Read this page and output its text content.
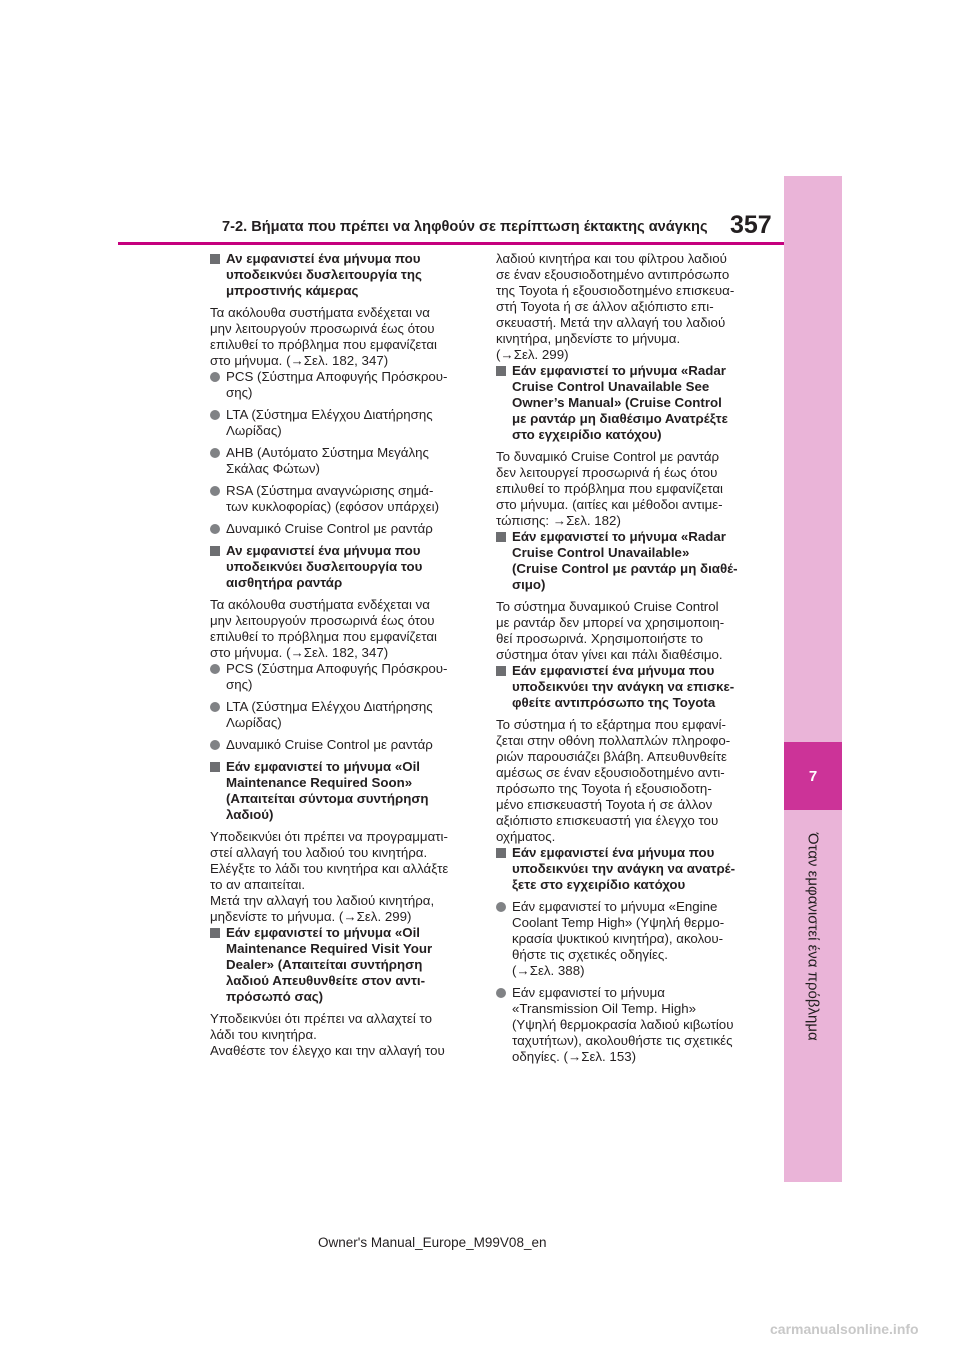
7
Όταν εμφανιστεί ένα πρόβλημα
7-2. Βήματα που πρέπει να ληφθούν σε περίπτωση έκτακτης ανάγκης 357
Αν εμφανιστεί ένα μήνυμα που
υποδεικνύει δυσλειτουργία της
μπροστινής κάμερας
Τα ακόλουθα συστήματα ενδέχεται να
μην λειτουργούν προσωρινά έως ότου
επιλυθεί το πρόβλημα που εμφανίζεται
στο μήνυμα. (→Σελ. 182, 347)
PCS (Σύστημα Αποφυγής Πρόσκρου-
σης)
LTA (Σύστημα Ελέγχου Διατήρησης
Λωρίδας)
AHB (Αυτόματο Σύστημα Μεγάλης
Σκάλας Φώτων)
RSA (Σύστημα αναγνώρισης σημά-
των κυκλοφορίας) (εφόσον υπάρχει)
Δυναμικό Cruise Control με ραντάρ
Αν εμφανιστεί ένα μήνυμα που
υποδεικνύει δυσλειτουργία του
αισθητήρα ραντάρ
Τα ακόλουθα συστήματα ενδέχεται να
μην λειτουργούν προσωρινά έως ότου
επιλυθεί το πρόβλημα που εμφανίζεται
στο μήνυμα. (→Σελ. 182, 347)
PCS (Σύστημα Αποφυγής Πρόσκρου-
σης)
LTA (Σύστημα Ελέγχου Διατήρησης
Λωρίδας)
Δυναμικό Cruise Control με ραντάρ
Εάν εμφανιστεί το μήνυμα «Oil
Maintenance Required Soon»
(Απαιτείται σύντομα συντήρηση
λαδιού)
Υποδεικνύει ότι πρέπει να προγραμματι-
στεί αλλαγή του λαδιού του κινητήρα.
Ελέγξτε το λάδι του κινητήρα και αλλάξτε
το αν απαιτείται.
Μετά την αλλαγή του λαδιού κινητήρα,
μηδενίστε το μήνυμα. (→Σελ. 299)
Εάν εμφανιστεί το μήνυμα «Oil
Maintenance Required Visit Your
Dealer» (Απαιτείται συντήρηση
λαδιού Απευθυνθείτε στον αντι-
πρόσωπό σας)
Υποδεικνύει ότι πρέπει να αλλαχτεί το
λάδι του κινητήρα.
Αναθέστε τον έλεγχο και την αλλαγή του
λαδιού κινητήρα και του φίλτρου λαδιού
σε έναν εξουσιοδοτημένο αντιπρόσωπο
της Toyota ή εξουσιοδοτημένο επισκευα-
στή Toyota ή σε άλλον αξιόπιστο επι-
σκευαστή. Μετά την αλλαγή του λαδιού
κινητήρα, μηδενίστε το μήνυμα.
(→Σελ. 299)
Εάν εμφανιστεί το μήνυμα «Radar
Cruise Control Unavailable See
Owner’s Manual» (Cruise Control
με ραντάρ μη διαθέσιμο Ανατρέξτε
στο εγχειρίδιο κατόχου)
Το δυναμικό Cruise Control με ραντάρ
δεν λειτουργεί προσωρινά ή έως ότου
επιλυθεί το πρόβλημα που εμφανίζεται
στο μήνυμα. (αιτίες και μέθοδοι αντιμε-
τώπισης: →Σελ. 182)
Εάν εμφανιστεί το μήνυμα «Radar
Cruise Control Unavailable»
(Cruise Control με ραντάρ μη διαθέ-
σιμο)
Το σύστημα δυναμικού Cruise Control
με ραντάρ δεν μπορεί να χρησιμοποιη-
θεί προσωρινά. Χρησιμοποιήστε το
σύστημα όταν γίνει και πάλι διαθέσιμο.
Εάν εμφανιστεί ένα μήνυμα που
υποδεικνύει την ανάγκη να επισκε-
φθείτε αντιπρόσωπο της Toyota
Το σύστημα ή το εξάρτημα που εμφανί-
ζεται στην οθόνη πολλαπλών πληροφο-
ριών παρουσιάζει βλάβη. Απευθυνθείτε
αμέσως σε έναν εξουσιοδοτημένο αντι-
πρόσωπο της Toyota ή εξουσιοδοτη-
μένο επισκευαστή Toyota ή σε άλλον
αξιόπιστο επισκευαστή για έλεγχο του
οχήματος.
Εάν εμφανιστεί ένα μήνυμα που
υποδεικνύει την ανάγκη να ανατρέ-
ξετε στο εγχειρίδιο κατόχου
Εάν εμφανιστεί το μήνυμα «Engine
Coolant Temp High» (Υψηλή θερμο-
κρασία ψυκτικού κινητήρα), ακολου-
θήστε τις σχετικές οδηγίες.
(→Σελ. 388)
Εάν εμφανιστεί το μήνυμα
«Transmission Oil Temp. High»
(Υψηλή θερμοκρασία λαδιού κιβωτίου
ταχυτήτων), ακολουθήστε τις σχετικές
οδηγίες. (→Σελ. 153)
Owner's Manual_Europe_M99V08_en
carmanualsonline.info
